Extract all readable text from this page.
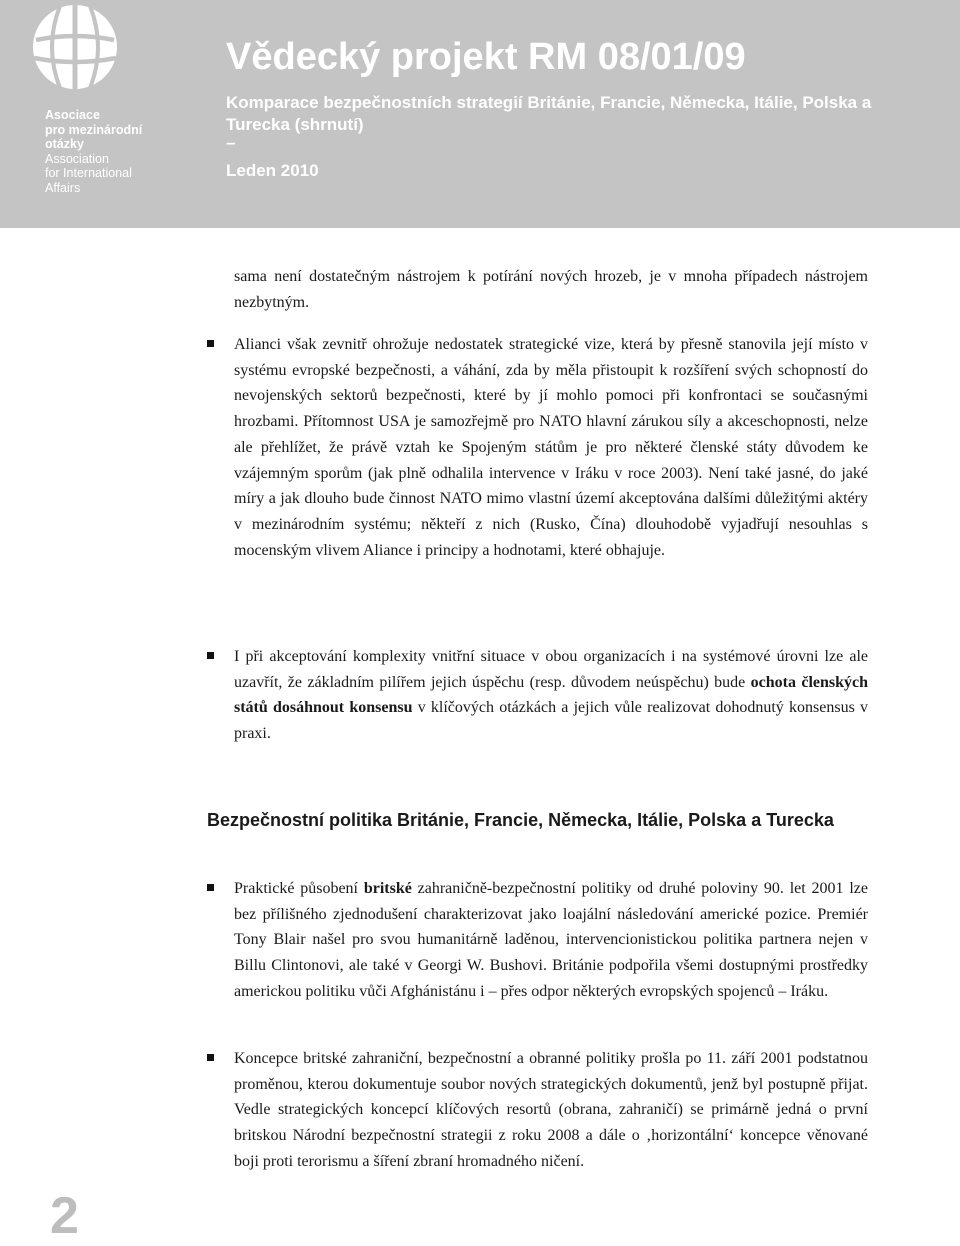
Asociace
pro mezinárodní
otázky
Association
for International
Affairs
Vědecký projekt RM 08/01/09
Komparace bezpečnostních strategií Británie, Francie, Německa, Itálie, Polska a Turecka (shrnutí)
–
Leden 2010
sama není dostatečným nástrojem k potírání nových hrozeb, je v mnoha případech nástrojem nezbytným.
Alianci však zevnitř ohrožuje nedostatek strategické vize, která by přesně stanovila její místo v systému evropské bezpečnosti, a váhání, zda by měla přistoupit k rozšíření svých schopností do nevojenských sektorů bezpečnosti, které by jí mohlo pomoci při konfrontaci se současnými hrozbami. Přítomnost USA je samozřejmě pro NATO hlavní zárukou síly a akceschopnosti, nelze ale přehlížet, že právě vztah ke Spojeným státům je pro některé členské státy důvodem ke vzájemným sporům (jak plně odhalila intervence v Iráku v roce 2003). Není také jasné, do jaké míry a jak dlouho bude činnost NATO mimo vlastní území akceptována dalšími důležitými aktéry v mezinárodním systému; někteří z nich (Rusko, Čína) dlouhodobě vyjadřují nesouhlas s mocenským vlivem Aliance i principy a hodnotami, které obhajuje.
I při akceptování komplexity vnitřní situace v obou organizacích i na systémové úrovni lze ale uzavřít, že základním pilířem jejich úspěchu (resp. důvodem neúspěchu) bude ochota členských států dosáhnout konsensu v klíčových otázkách a jejich vůle realizovat dohodnutý konsensus v praxi.
Bezpečnostní politika Británie, Francie, Německa, Itálie, Polska a Turecka
Praktické působení britské zahraničně-bezpečnostní politiky od druhé poloviny 90. let 2001 lze bez přílišného zjednodušení charakterizovat jako loajální následování americké pozice. Premiér Tony Blair našel pro svou humanitárně laděnou, intervencionistickou politika partnera nejen v Billu Clintonovi, ale také v Georgi W. Bushovi. Británie podpořila všemi dostupnými prostředky americkou politiku vůči Afghánistánu i – přes odpor některých evropských spojenců – Iráku.
Koncepce britské zahraniční, bezpečnostní a obranné politiky prošla po 11. září 2001 podstatnou proměnou, kterou dokumentuje soubor nových strategických dokumentů, jenž byl postupně přijat. Vedle strategických koncepcí klíčových resortů (obrana, zahraničí) se primárně jedná o první britskou Národní bezpečnostní strategii z roku 2008 a dále o ‚horizontální‘ koncepce věnované boji proti terorismu a šíření zbraní hromadného ničení.
2
